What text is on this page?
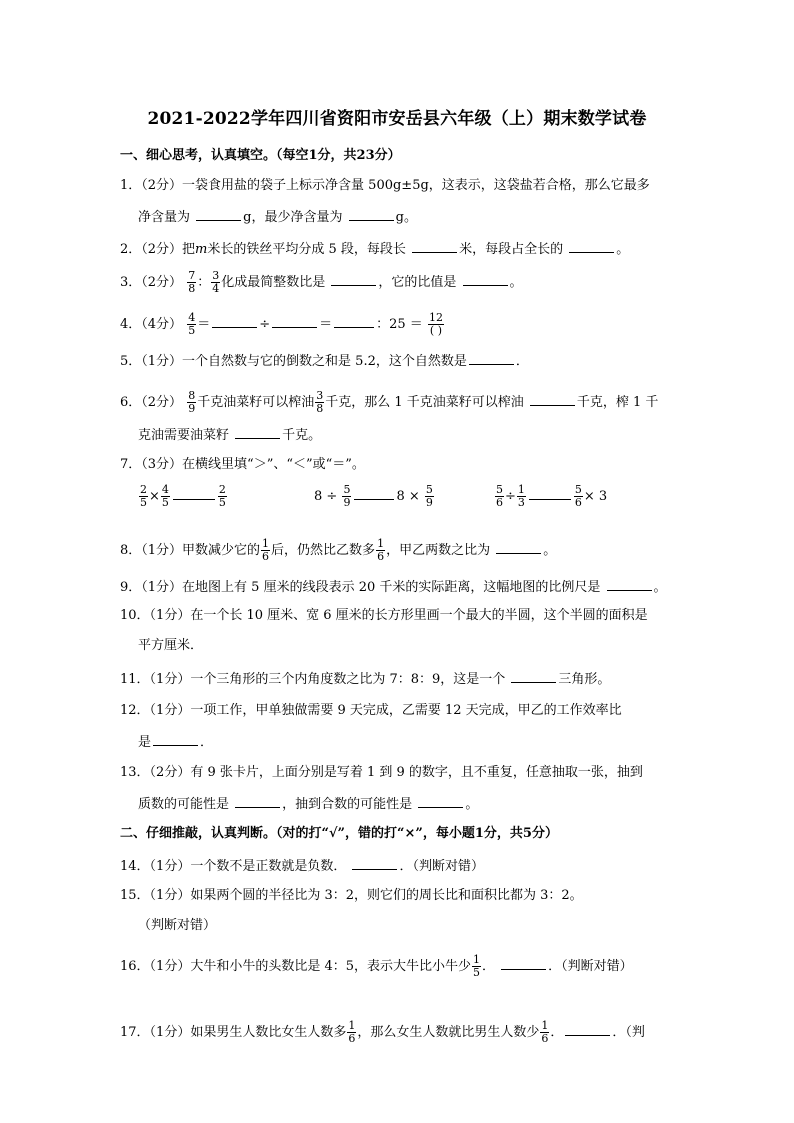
2021-2022学年四川省资阳市安岳县六年级（上）期末数学试卷
一、细心思考，认真填空。（每空1分，共23分）
1．（2分）一袋食用盐的袋子上标示净含量 500g±5g，这表示，这袋盐若合格，那么它最多
净含量为	g，最少净含量为	g。
2．（2分）把m米长的铁丝平均分成 5 段，每段长	米，每段占全长的	。
3．（2分） $\frac{7}{8}$ ： $\frac{3}{4}$ 化成最简整数比是	，它的比值是	。
4．（4分） $\frac{4}{5}$ ＝	÷	＝	：$25 = \frac{12}{( )}$
5．（1分）一个自然数与它的倒数之和是 5.2，这个自然数是	．
6．（2分） $\frac{8}{9}$ 千克油菜籽可以榨油 $\frac{3}{8}$ 千克，那么 1 千克油菜籽可以榨油	千克，榨 1 千
克油需要油菜籽	千克。
7．（3分）在横线里填“＞”、“＜”或“＝”。
$\frac{2}{5} \times \frac{4}{5}$	$\frac{2}{5}$	$8 \div \frac{5}{9}$	$8 \times \frac{5}{9}$	$\frac{5}{6} \div \frac{1}{3}$	$\frac{5}{6} \times 3$
8．（1分）甲数减少它的 $\frac{1}{6}$ 后，仍然比乙数多 $\frac{1}{6}$ ，甲乙两数之比为	。
9．（1分）在地图上有 5 厘米的线段表示 20 千米的实际距离，这幅地图的比例尺是	。
10．（1分）在一个长 10 厘米、宽 6 厘米的长方形里画一个最大的半圆，这个半圆的面积是
平方厘米．
11．（1分）一个三角形的三个内角度数之比为 7：8：9，这是一个	三角形。
12．（1分）一项工作，甲单独做需要 9 天完成，乙需要 12 天完成，甲乙的工作效率比
是	．
13．（2分）有 9 张卡片，上面分别是写着 1 到 9 的数字，且不重复，任意抽取一张，抽到
质数的可能性是	，抽到合数的可能性是	。
二、仔细推敲，认真判断。（对的打“√”，错的打“×”，每小题1分，共5分）
14．（1分）一个数不是正数就是负数．	．（判断对错）
15．（1分）如果两个圆的半径比为 3：2，则它们的周长比和面积比都为 3：2。
（判断对错）
16．（1分）大牛和小牛的头数比是 4：5，表示大牛比小牛少 $\frac{1}{5}$ ．	．（判断对错）
17．（1分）如果男生人数比女生人数多 $\frac{1}{6}$ ，那么女生人数就比男生人数少 $\frac{1}{6}$ ．	．（判
